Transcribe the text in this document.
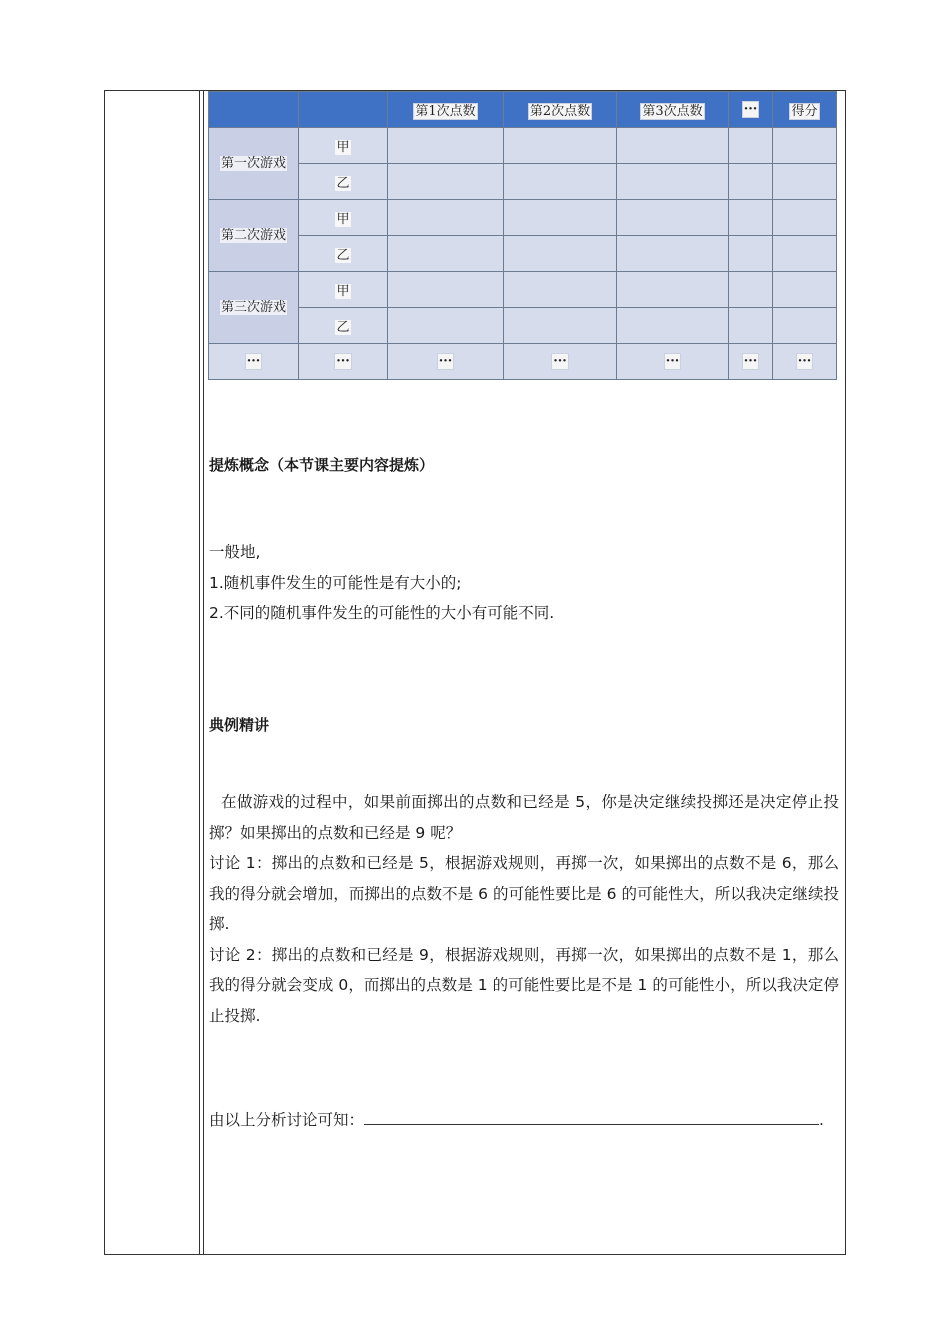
		第1次点数	第2次点数	第3次点数	···	得分
第一次游戏	甲					
	乙					
第二次游戏	甲					
	乙					
第三次游戏	甲					
	乙					
···	···	···	···	···	···	···
提炼概念（本节课主要内容提炼）
一般地,
1.随机事件发生的可能性是有大小的;
2.不同的随机事件发生的可能性的大小有可能不同.
典例精讲
在做游戏的过程中，如果前面掷出的点数和已经是 5，你是决定继续投掷还是决定停止投掷？如果掷出的点数和已经是 9 呢？
讨论 1：掷出的点数和已经是 5，根据游戏规则，再掷一次，如果掷出的点数不是 6，那么我的得分就会增加，而掷出的点数不是 6 的可能性要比是 6 的可能性大，所以我决定继续投掷.
讨论 2：掷出的点数和已经是 9，根据游戏规则，再掷一次，如果掷出的点数不是 1，那么我的得分就会变成 0，而掷出的点数是 1 的可能性要比是不是 1 的可能性小，所以我决定停止投掷.
由以上分析讨论可知：	.
